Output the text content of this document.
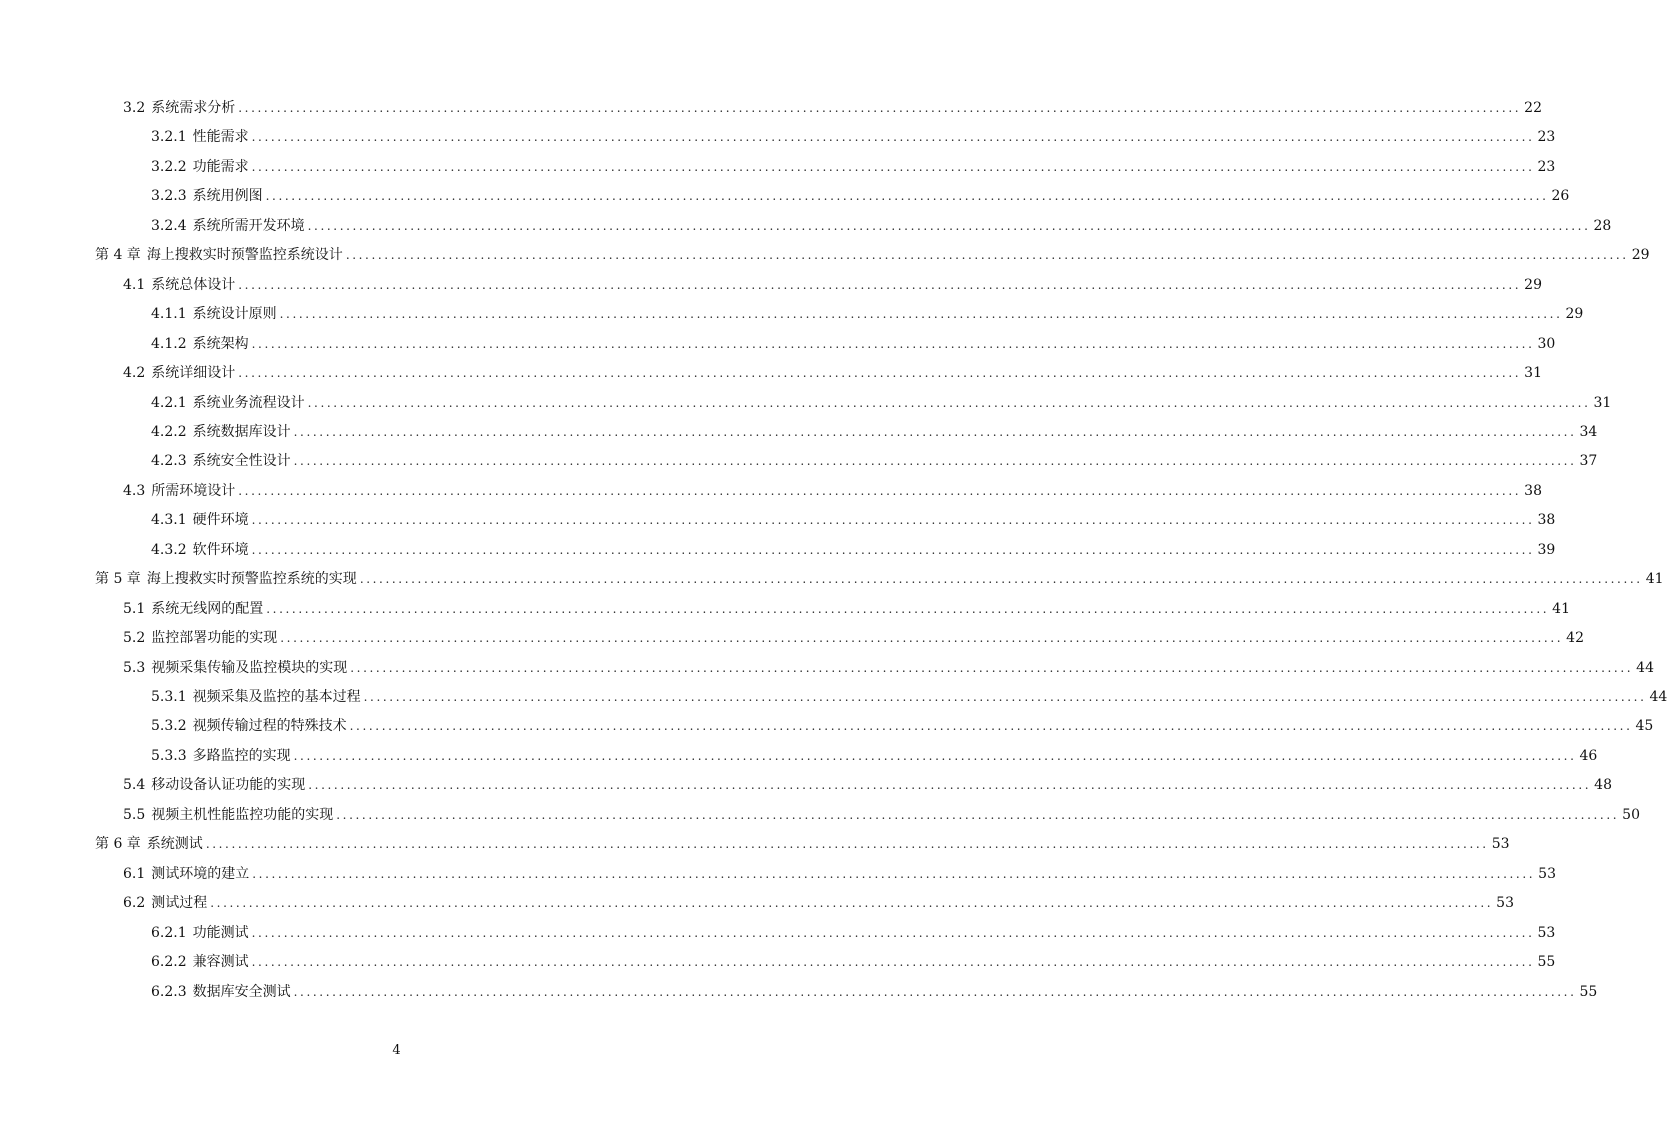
3.2 系统需求分析 ........................................................................................................................................................................................................ 22
3.2.1 性能需求 ........................................................................................................................................................................................................ 23
3.2.2 功能需求 ........................................................................................................................................................................................................ 23
3.2.3 系统用例图 ........................................................................................................................................................................................................ 26
3.2.4 系统所需开发环境 ........................................................................................................................................................................................................ 28
第 4 章 海上搜救实时预警监控系统设计 ........................................................................................................................................................................................................ 29
4.1 系统总体设计 ........................................................................................................................................................................................................ 29
4.1.1 系统设计原则 ........................................................................................................................................................................................................ 29
4.1.2 系统架构 ........................................................................................................................................................................................................ 30
4.2 系统详细设计 ........................................................................................................................................................................................................ 31
4.2.1 系统业务流程设计 ........................................................................................................................................................................................................ 31
4.2.2 系统数据库设计 ........................................................................................................................................................................................................ 34
4.2.3 系统安全性设计 ........................................................................................................................................................................................................ 37
4.3 所需环境设计 ........................................................................................................................................................................................................ 38
4.3.1 硬件环境 ........................................................................................................................................................................................................ 38
4.3.2 软件环境 ........................................................................................................................................................................................................ 39
第 5 章 海上搜救实时预警监控系统的实现 ........................................................................................................................................................................................................ 41
5.1 系统无线网的配置 ........................................................................................................................................................................................................ 41
5.2 监控部署功能的实现 ........................................................................................................................................................................................................ 42
5.3 视频采集传输及监控模块的实现 ........................................................................................................................................................................................................ 44
5.3.1 视频采集及监控的基本过程 ........................................................................................................................................................................................................ 44
5.3.2 视频传输过程的特殊技术 ........................................................................................................................................................................................................ 45
5.3.3 多路监控的实现 ........................................................................................................................................................................................................ 46
5.4 移动设备认证功能的实现 ........................................................................................................................................................................................................ 48
5.5 视频主机性能监控功能的实现 ........................................................................................................................................................................................................ 50
第 6 章 系统测试 ........................................................................................................................................................................................................ 53
6.1 测试环境的建立 ........................................................................................................................................................................................................ 53
6.2 测试过程 ........................................................................................................................................................................................................ 53
6.2.1 功能测试 ........................................................................................................................................................................................................ 53
6.2.2 兼容测试 ........................................................................................................................................................................................................ 55
6.2.3 数据库安全测试 ........................................................................................................................................................................................................ 55
4
